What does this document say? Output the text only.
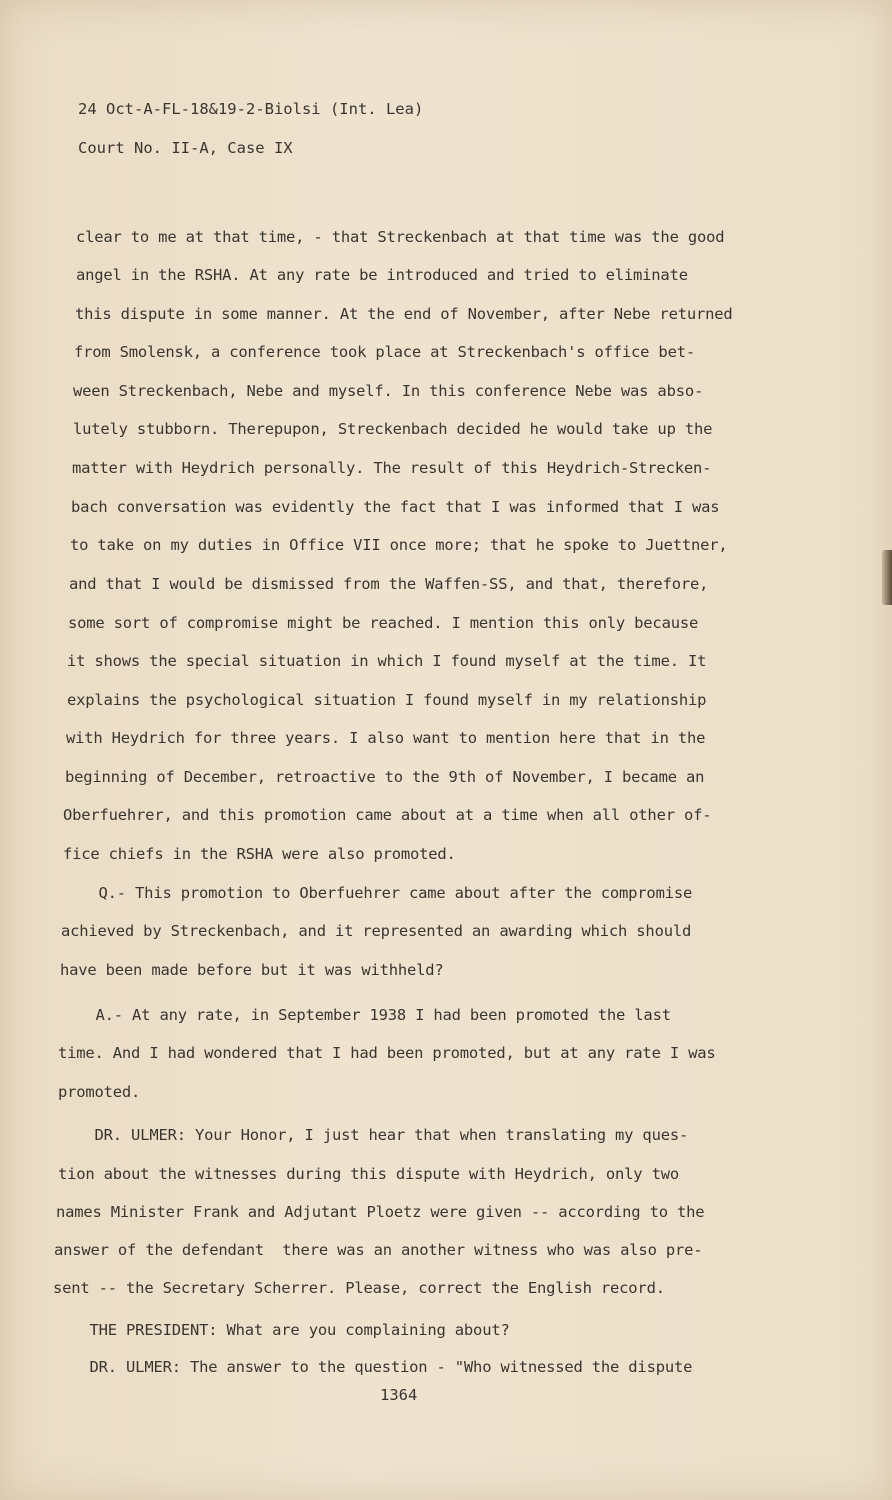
24 Oct-A-FL-18&19-2-Biolsi (Int. Lea)
Court No. II-A, Case IX
clear to me at that time, - that Streckenbach at that time was the good
angel in the RSHA. At any rate be introduced and tried to eliminate
this dispute in some manner. At the end of November, after Nebe returned
from Smolensk, a conference took place at Streckenbach's office bet-
ween Streckenbach, Nebe and myself. In this conference Nebe was abso-
lutely stubborn. Therepupon, Streckenbach decided he would take up the
matter with Heydrich personally. The result of this Heydrich-Strecken-
bach conversation was evidently the fact that I was informed that I was
to take on my duties in Office VII once more; that he spoke to Juettner,
and that I would be dismissed from the Waffen-SS, and that, therefore,
some sort of compromise might be reached. I mention this only because
it shows the special situation in which I found myself at the time. It
explains the psychological situation I found myself in my relationship
with Heydrich for three years. I also want to mention here that in the
beginning of December, retroactive to the 9th of November, I became an
Oberfuehrer, and this promotion came about at a time when all other of-
fice chiefs in the RSHA were also promoted.
Q.- This promotion to Oberfuehrer came about after the compromise
achieved by Streckenbach, and it represented an awarding which should
have been made before but it was withheld?
A.- At any rate, in September 1938 I had been promoted the last
time. And I had wondered that I had been promoted, but at any rate I was
promoted.
DR. ULMER: Your Honor, I just hear that when translating my ques-
tion about the witnesses during this dispute with Heydrich, only two
names Minister Frank and Adjutant Ploetz were given -- according to the
answer of the defendant  there was an another witness who was also pre-
sent -- the Secretary Scherrer. Please, correct the English record.
THE PRESIDENT: What are you complaining about?
DR. ULMER: The answer to the question - "Who witnessed the dispute
1364
